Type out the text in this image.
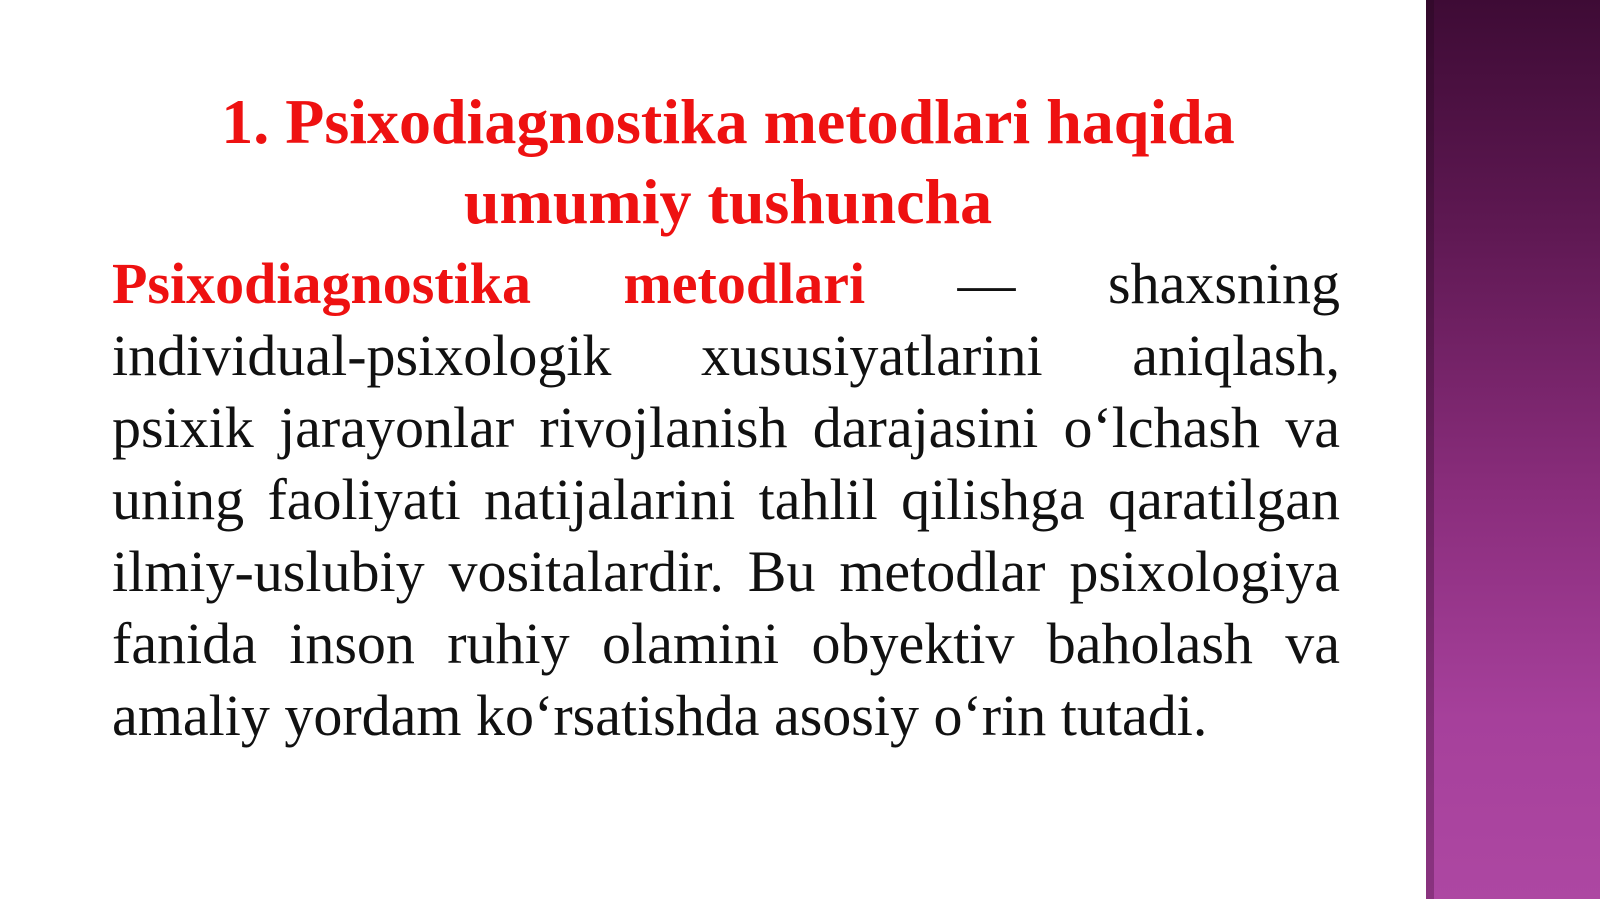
1. Psixodiagnostika metodlari haqida umumiy tushuncha

Psixodiagnostika metodlari — shaxsning individual-psixologik xususiyatlarini aniqlash, psixik jarayonlar rivojlanish darajasini o‘lchash va uning faoliyati natijalarini tahlil qilishga qaratilgan ilmiy-uslubiy vositalardir. Bu metodlar psixologiya fanida inson ruhiy olamini obyektiv baholash va amaliy yordam ko‘rsatishda asosiy o‘rin tutadi.
